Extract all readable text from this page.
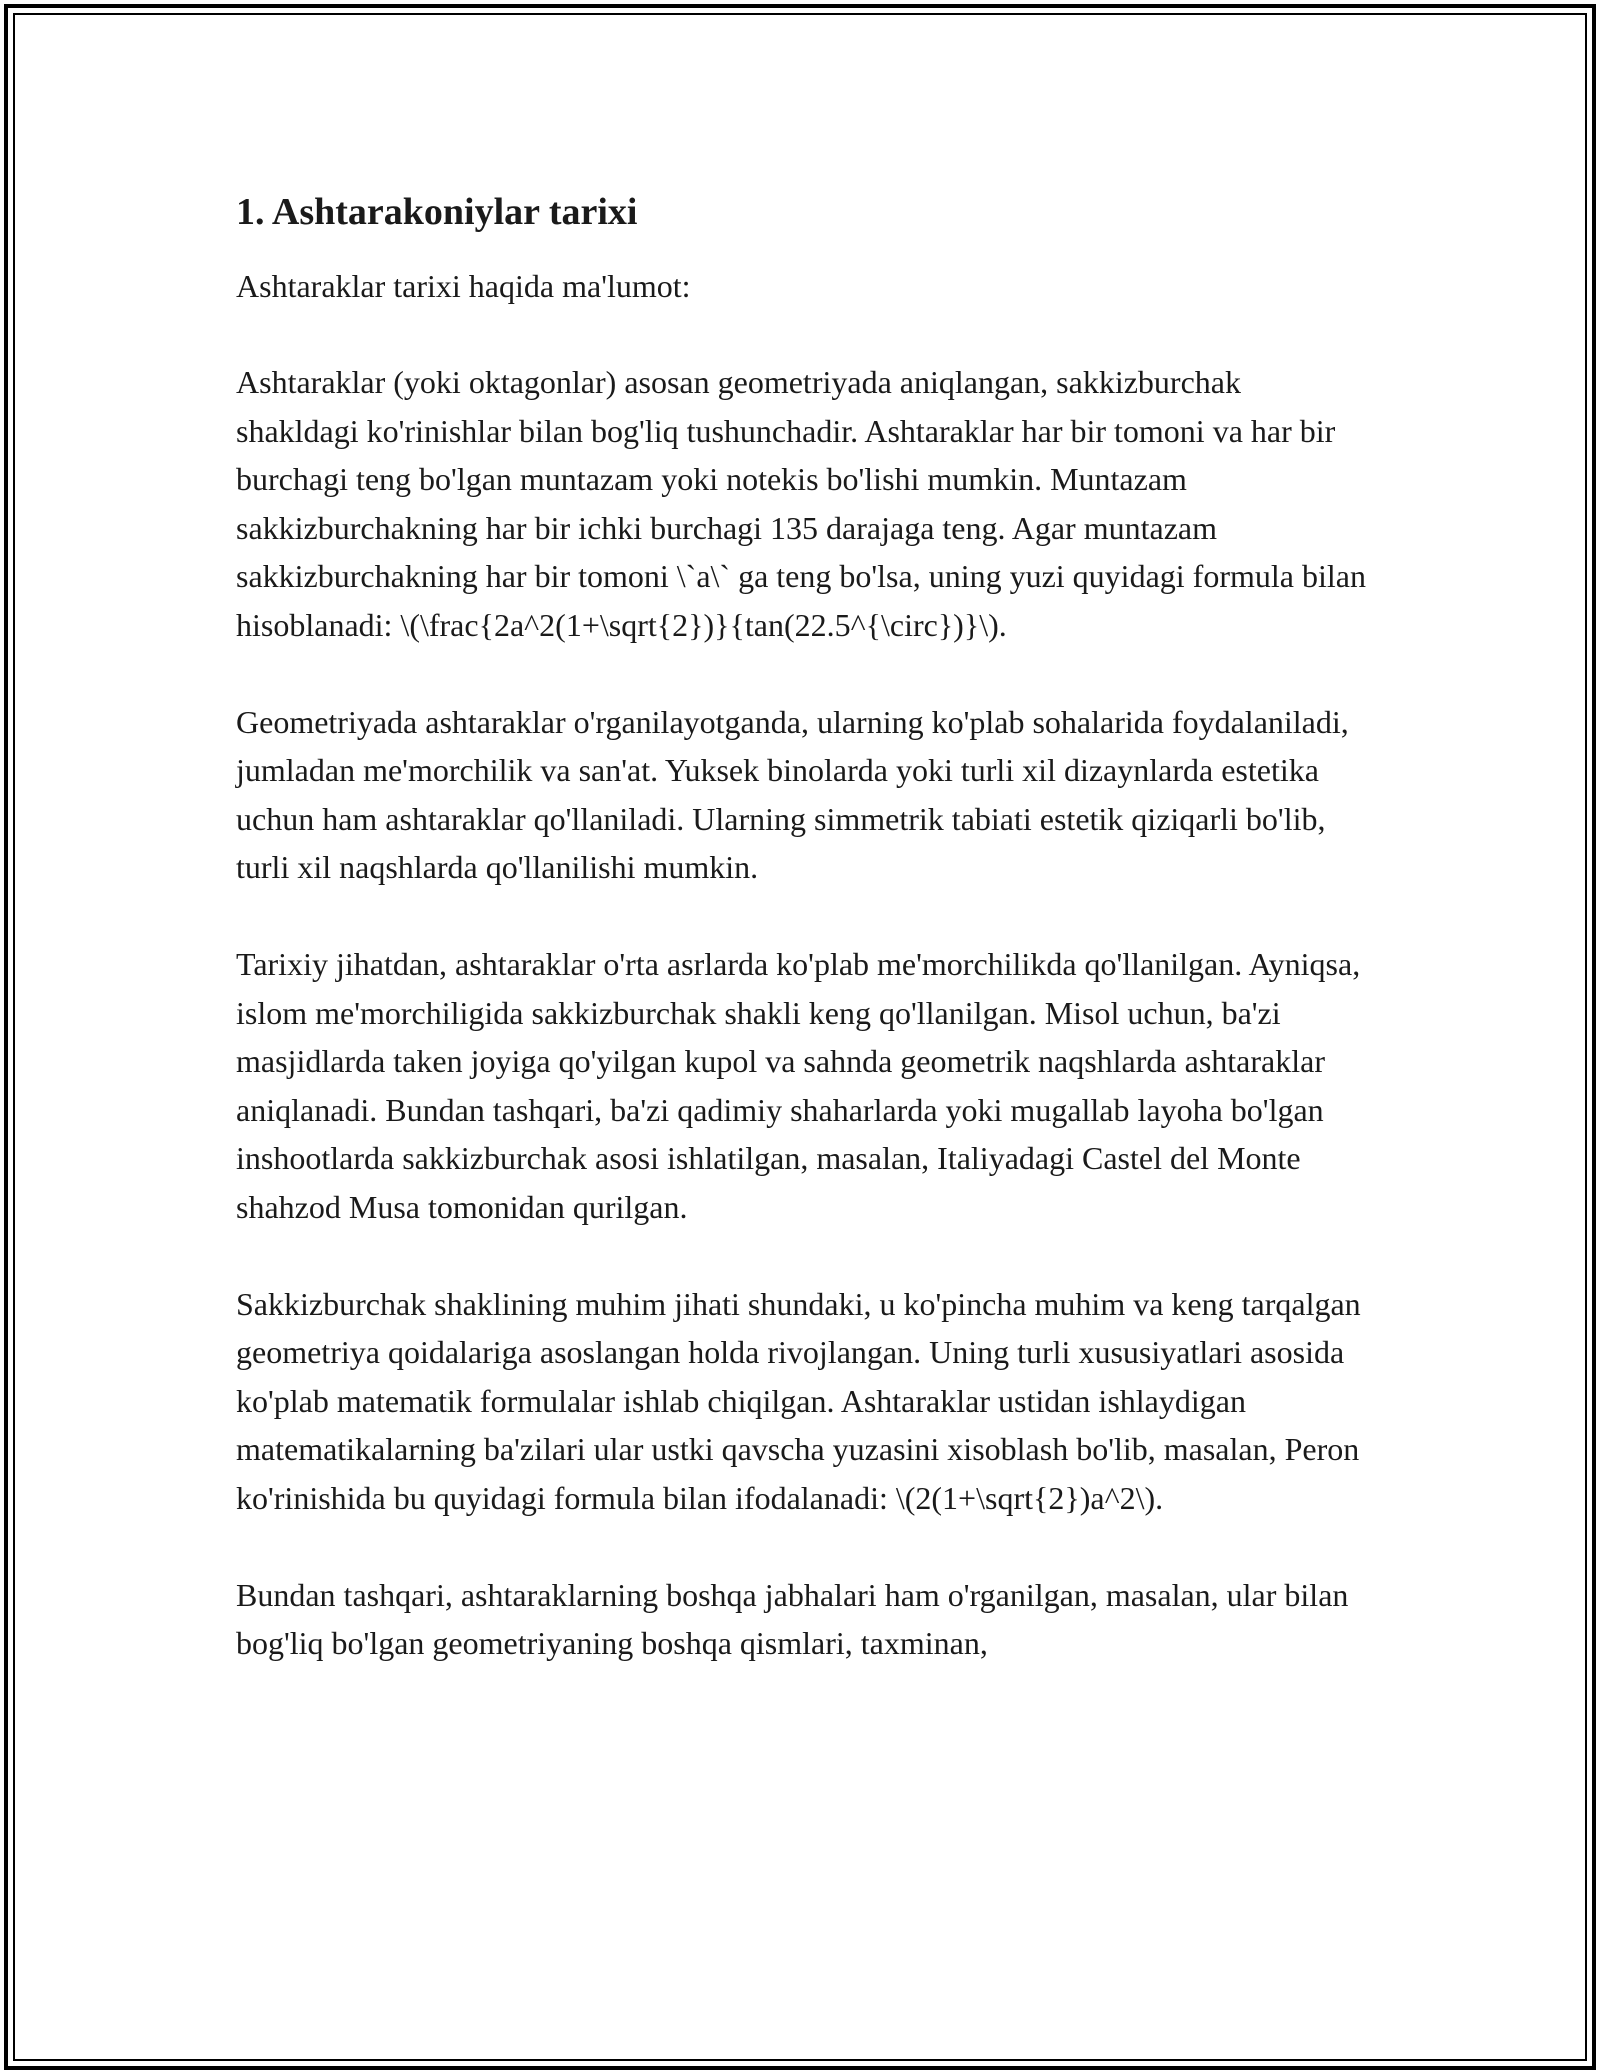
1. Ashtarakoniylar tarixi

Ashtaraklar tarixi haqida ma'lumot:

Ashtaraklar (yoki oktagonlar) asosan geometriyada aniqlangan, sakkizburchak shakldagi ko'rinishlar bilan bog'liq tushunchadir. Ashtaraklar har bir tomoni va har bir burchagi teng bo'lgan muntazam yoki notekis bo'lishi mumkin. Muntazam sakkizburchakning har bir ichki burchagi 135 darajaga teng. Agar muntazam sakkizburchakning har bir tomoni \`a\` ga teng bo'lsa, uning yuzi quyidagi formula bilan hisoblanadi: \(\frac{2a^2(1+\sqrt{2})}{tan(22.5^{\circ})}\).

Geometriyada ashtaraklar o'rganilayotganda, ularning ko'plab sohalarida foydalaniladi, jumladan me'morchilik va san'at. Yuksek binolarda yoki turli xil dizaynlarda estetika uchun ham ashtaraklar qo'llaniladi. Ularning simmetrik tabiati estetik qiziqarli bo'lib, turli xil naqshlarda qo'llanilishi mumkin.

Tarixiy jihatdan, ashtaraklar o'rta asrlarda ko'plab me'morchilikda qo'llanilgan. Ayniqsa, islom me'morchiligida sakkizburchak shakli keng qo'llanilgan. Misol uchun, ba'zi masjidlarda taken joyiga qo'yilgan kupol va sahnda geometrik naqshlarda ashtaraklar aniqlanadi. Bundan tashqari, ba'zi qadimiy shaharlarda yoki mugallab layoha bo'lgan inshootlarda sakkizburchak asosi ishlatilgan, masalan, Italiyadagi Castel del Monte shahzod Musa tomonidan qurilgan.

Sakkizburchak shaklining muhim jihati shundaki, u ko'pincha muhim va keng tarqalgan geometriya qoidalariga asoslangan holda rivojlangan. Uning turli xususiyatlari asosida ko'plab matematik formulalar ishlab chiqilgan. Ashtaraklar ustidan ishlaydigan matematikalarning ba'zilari ular ustki qavscha yuzasini xisoblash bo'lib, masalan, Peron ko'rinishida bu quyidagi formula bilan ifodalanadi: \(2(1+\sqrt{2})a^2\).

Bundan tashqari, ashtaraklarning boshqa jabhalari ham o'rganilgan, masalan, ular bilan bog'liq bo'lgan geometriyaning boshqa qismlari, taxminan,
